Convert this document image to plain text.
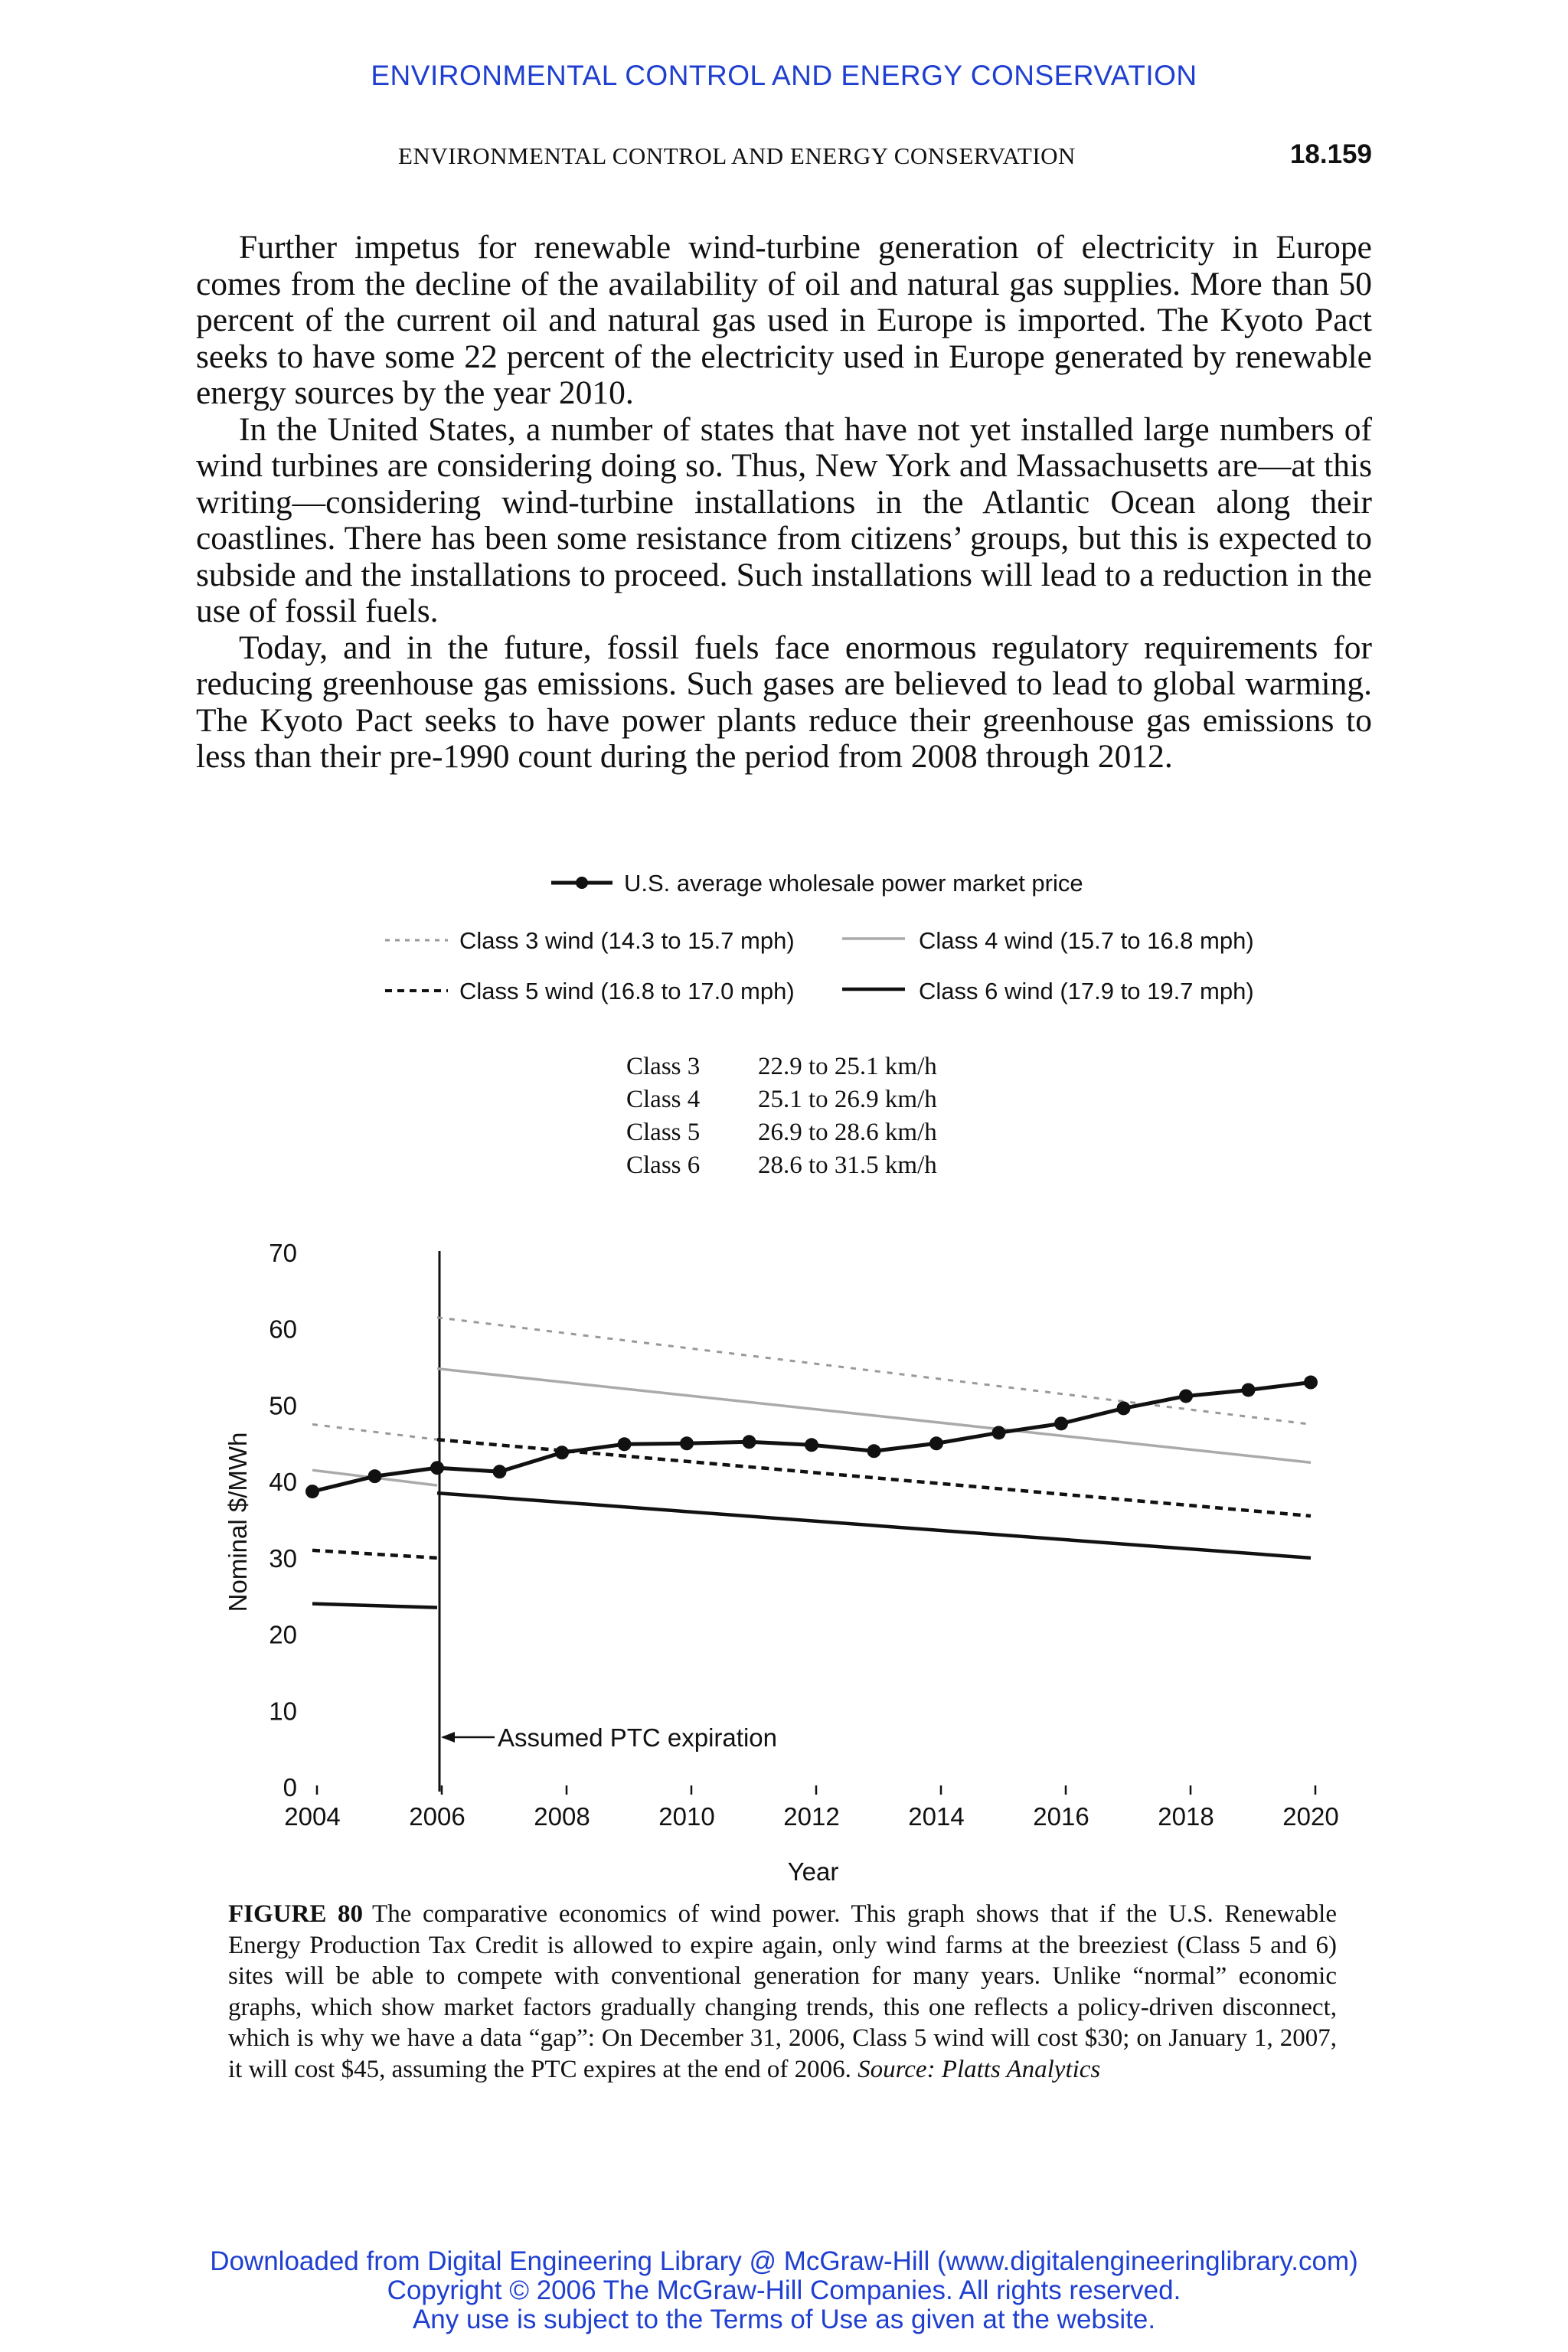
ENVIRONMENTAL CONTROL AND ENERGY CONSERVATION
ENVIRONMENTAL CONTROL AND ENERGY CONSERVATION	18.159

Further impetus for renewable wind-turbine generation of electricity in Europe comes from the decline of the availability of oil and natural gas supplies. More than 50 percent of the current oil and natural gas used in Europe is imported. The Kyoto Pact seeks to have some 22 percent of the electricity used in Europe generated by renewable energy sources by the year 2010.

In the United States, a number of states that have not yet installed large numbers of wind turbines are considering doing so. Thus, New York and Massachusetts are—at this writing—considering wind-turbine installations in the Atlantic Ocean along their coastlines. There has been some resistance from citizens’ groups, but this is expected to subside and the installations to proceed. Such installations will lead to a reduction in the use of fossil fuels.

Today, and in the future, fossil fuels face enormous regulatory requirements for reducing greenhouse gas emissions. Such gases are believed to lead to global warming. The Kyoto Pact seeks to have power plants reduce their greenhouse gas emissions to less than their pre-1990 count during the period from 2008 through 2012.

U.S. average wholesale power market price
Class 3 wind (14.3 to 15.7 mph)	Class 4 wind (15.7 to 16.8 mph)
Class 5 wind (16.8 to 17.0 mph)	Class 6 wind (17.9 to 19.7 mph)
Class 3 22.9 to 25.1 km/h
Class 4 25.1 to 26.9 km/h
Class 5 26.9 to 28.6 km/h
Class 6 28.6 to 31.5 km/h
Year
Nominal $/MWh
0
10
20
30
40
50
60
70
2004	2006	2008	2010	2012	2014	2016	2018	2020
Assumed PTC expiration
FIGURE 80 The comparative economics of wind power. This graph shows that if the U.S. Renewable Energy Production Tax Credit is allowed to expire again, only wind farms at the breeziest (Class 5 and 6) sites will be able to compete with conventional generation for many years. Unlike “normal” economic graphs, which show market factors gradually changing trends, this one reflects a policy-driven disconnect, which is why we have a data “gap”: On December 31, 2006, Class 5 wind will cost $30; on January 1, 2007, it will cost $45, assuming the PTC expires at the end of 2006. Source: Platts Analytics
Downloaded from Digital Engineering Library @ McGraw-Hill (www.digitalengineeringlibrary.com)
Copyright © 2006 The McGraw-Hill Companies. All rights reserved.
Any use is subject to the Terms of Use as given at the website.
